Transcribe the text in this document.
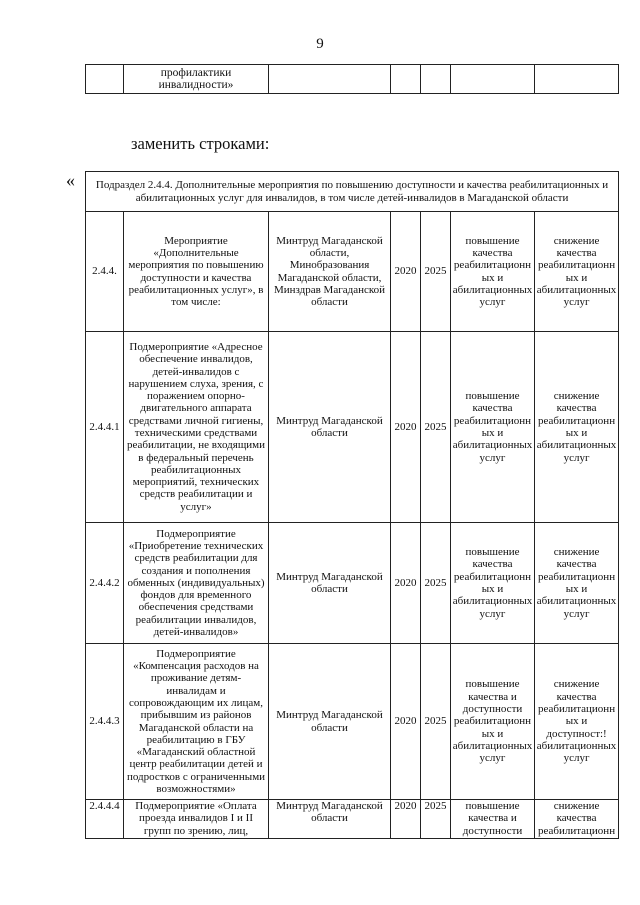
9
	профилактики инвалидности»					
заменить строками:
« Подраздел 2.4.4. Дополнительные мероприятия по повышению доступности и качества реабилитационных и абилитационных услуг для инвалидов, в том числе детей-инвалидов в Магаданской области						
2.4.4.	Мероприятие «Дополнительные мероприятия по повышению доступности и качества реабилитационных услуг», в том числе:	Минтруд Магаданской области, Минобразования Магаданской области, Минздрав Магаданской области	2020	2025	повышение качества реабилитационн ых и абилитационных услуг	снижение качества реабилитационн ых и абилитационных услуг
2.4.4.1	Подмероприятие «Адресное обеспечение инвалидов, детей-инвалидов с нарушением слуха, зрения, с поражением опорно-двигательного аппарата средствами личной гигиены, техническими средствами реабилитации, не входящими в федеральный перечень реабилитационных мероприятий, технических средств реабилитации и услуг»	Минтруд Магаданской области	2020	2025	повышение качества реабилитационн ых и абилитационных услуг	снижение качества реабилитационн ых и абилитационных услуг
2.4.4.2	Подмероприятие «Приобретение технических средств реабилитации для создания и пополнения обменных (индивидуальных) фондов для временного обеспечения средствами реабилитации инвалидов, детей-инвалидов»	Минтруд Магаданской области	2020	2025	повышение качества реабилитационн ых и абилитационных услуг	снижение качества реабилитационн ых и абилитационных услуг
2.4.4.3	Подмероприятие «Компенсация расходов на проживание детям-инвалидам и сопровождающим их лицам, прибывшим из районов Магаданской области на реабилитацию в ГБУ «Магаданский областной центр реабилитации детей и подростков с ограниченными возможностями»	Минтруд Магаданской области	2020	2025	повышение качества и доступности реабилитационн ых и абилитационных услуг	снижение качества реабилитационн ых и доступност:! абилитационных услуг
2.4.4.4	Подмероприятие «Оплата проезда инвалидов I и II групп по зрению, лиц,	Минтруд Магаданской области	2020	2025	повышение качества и доступности	снижение качества реабилитационн
